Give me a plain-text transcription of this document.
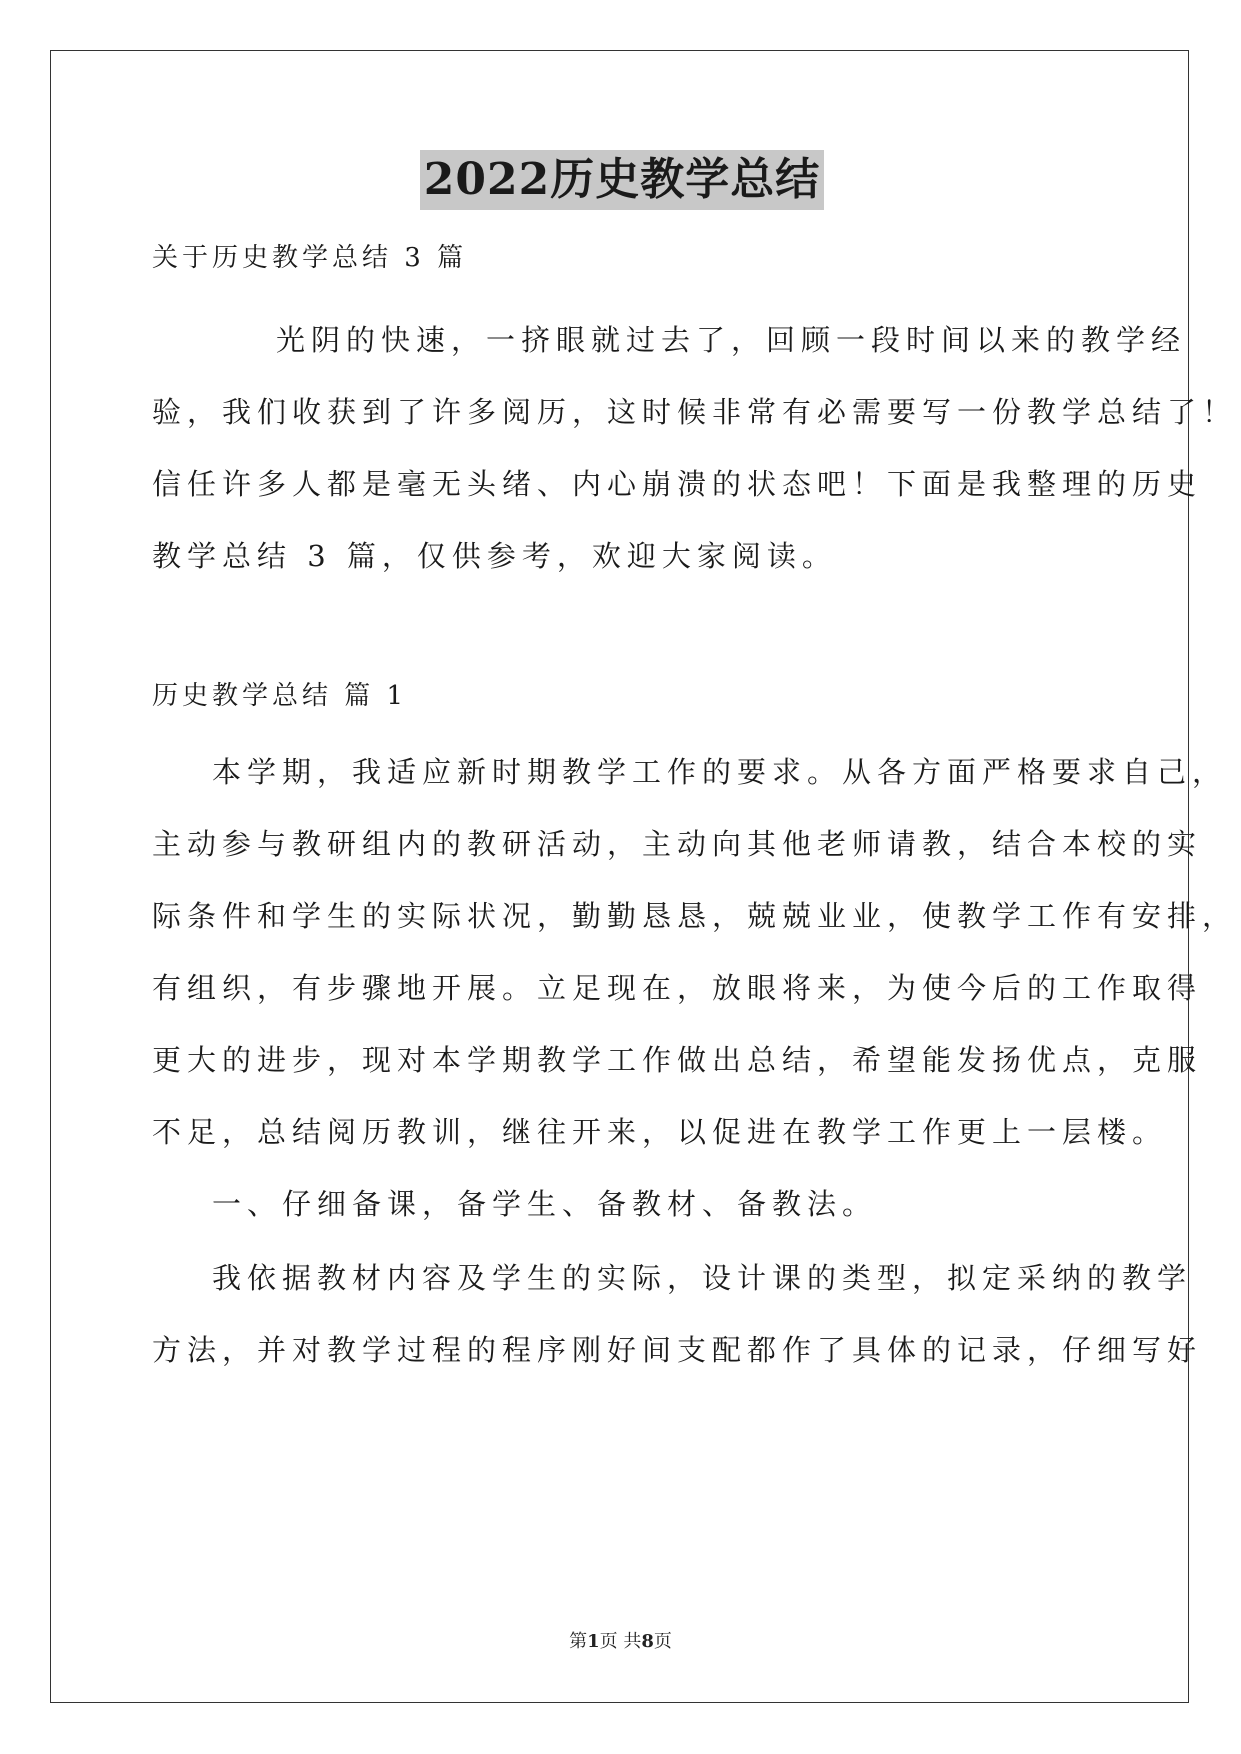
2022历史教学总结
关于历史教学总结 3 篇
光阴的快速，一挤眼就过去了，回顾一段时间以来的教学经
验，我们收获到了许多阅历，这时候非常有必需要写一份教学总结了！
信任许多人都是毫无头绪、内心崩溃的状态吧！下面是我整理的历史
教学总结 3 篇，仅供参考，欢迎大家阅读。
历史教学总结 篇 1
本学期，我适应新时期教学工作的要求。从各方面严格要求自己，
主动参与教研组内的教研活动，主动向其他老师请教，结合本校的实
际条件和学生的实际状况，勤勤恳恳，兢兢业业，使教学工作有安排，
有组织，有步骤地开展。立足现在，放眼将来，为使今后的工作取得
更大的进步，现对本学期教学工作做出总结，希望能发扬优点，克服
不足，总结阅历教训，继往开来，以促进在教学工作更上一层楼。
一、仔细备课，备学生、备教材、备教法。
我依据教材内容及学生的实际，设计课的类型，拟定采纳的教学
方法，并对教学过程的程序刚好间支配都作了具体的记录，仔细写好
第1页 共8页
